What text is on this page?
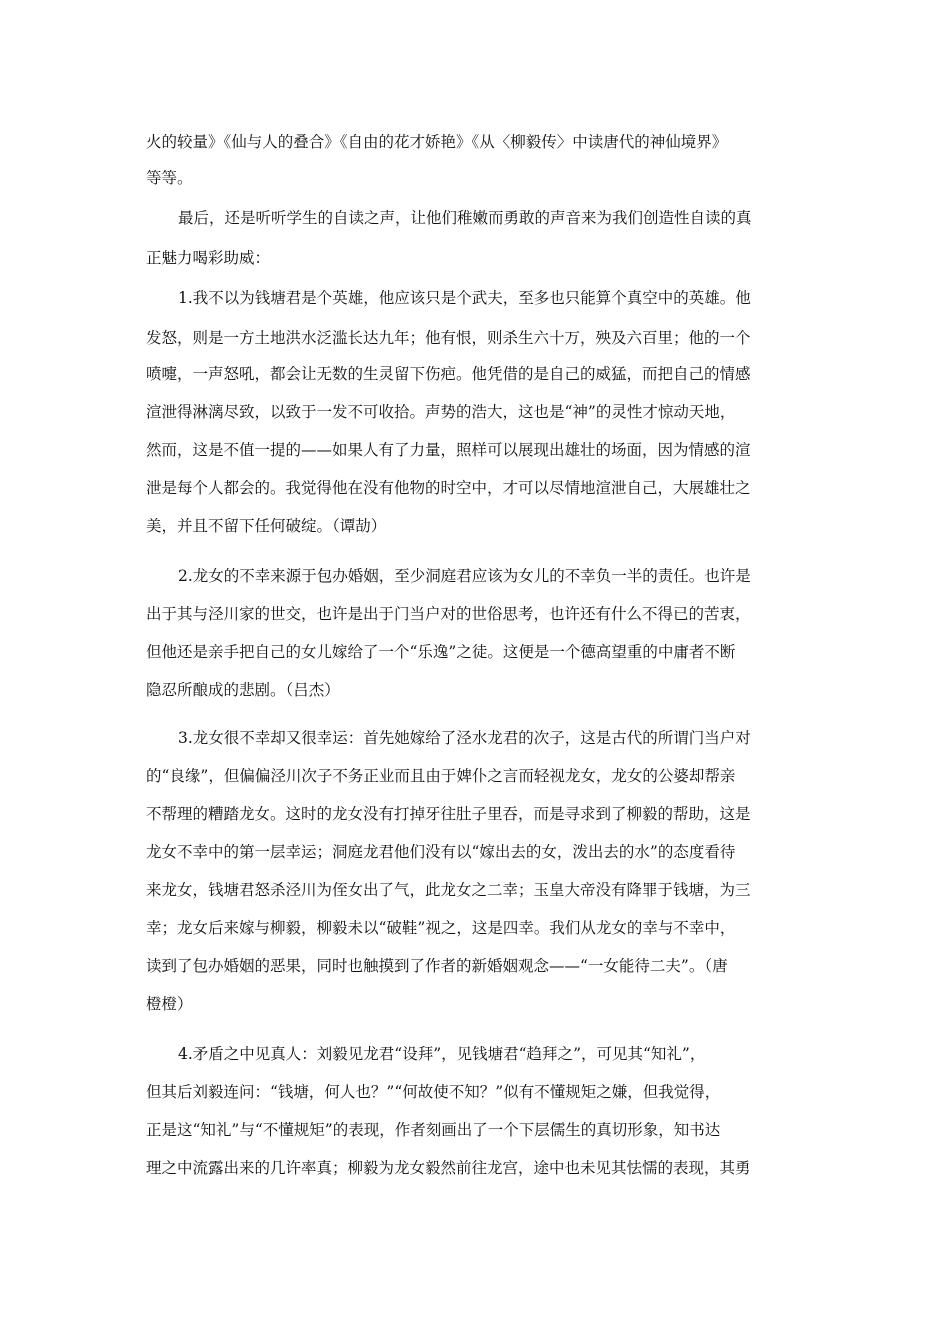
火的较量》《仙与人的叠合》《自由的花才娇艳》《从〈柳毅传〉中读唐代的神仙境界》
等等。
最后，还是听听学生的自读之声，让他们稚嫩而勇敢的声音来为我们创造性自读的真
正魅力喝彩助威：
1.我不以为钱塘君是个英雄，他应该只是个武夫，至多也只能算个真空中的英雄。他
发怒，则是一方土地洪水泛滥长达九年；他有恨，则杀生六十万，殃及六百里；他的一个
喷嚏，一声怒吼，都会让无数的生灵留下伤疤。他凭借的是自己的威猛，而把自己的情感
渲泄得淋漓尽致，以致于一发不可收拾。声势的浩大，这也是“神”的灵性才惊动天地，
然而，这是不值一提的——如果人有了力量，照样可以展现出雄壮的场面，因为情感的渲
泄是每个人都会的。我觉得他在没有他物的时空中，才可以尽情地渲泄自己，大展雄壮之
美，并且不留下任何破绽。（谭劼）
2.龙女的不幸来源于包办婚姻，至少洞庭君应该为女儿的不幸负一半的责任。也许是
出于其与泾川家的世交，也许是出于门当户对的世俗思考，也许还有什么不得已的苦衷，
但他还是亲手把自己的女儿嫁给了一个“乐逸”之徒。这便是一个德高望重的中庸者不断
隐忍所酿成的悲剧。（吕杰）
3.龙女很不幸却又很幸运：首先她嫁给了泾水龙君的次子，这是古代的所谓门当户对
的“良缘”，但偏偏泾川次子不务正业而且由于婢仆之言而轻视龙女，龙女的公婆却帮亲
不帮理的糟踏龙女。这时的龙女没有打掉牙往肚子里吞，而是寻求到了柳毅的帮助，这是
龙女不幸中的第一层幸运；洞庭龙君他们没有以“嫁出去的女，泼出去的水”的态度看待
来龙女，钱塘君怒杀泾川为侄女出了气，此龙女之二幸；玉皇大帝没有降罪于钱塘，为三
幸；龙女后来嫁与柳毅，柳毅未以“破鞋”视之，这是四幸。我们从龙女的幸与不幸中，
读到了包办婚姻的恶果，同时也触摸到了作者的新婚姻观念——“一女能待二夫”。（唐
橙橙）
4.矛盾之中见真人：刘毅见龙君“设拜”，见钱塘君“趋拜之”，可见其“知礼”，
但其后刘毅连问：“钱塘，何人也？”“何故使不知？”似有不懂规矩之嫌，但我觉得，
正是这“知礼”与“不懂规矩”的表现，作者刻画出了一个下层儒生的真切形象，知书达
理之中流露出来的几许率真；柳毅为龙女毅然前往龙宫，途中也未见其怯懦的表现，其勇
